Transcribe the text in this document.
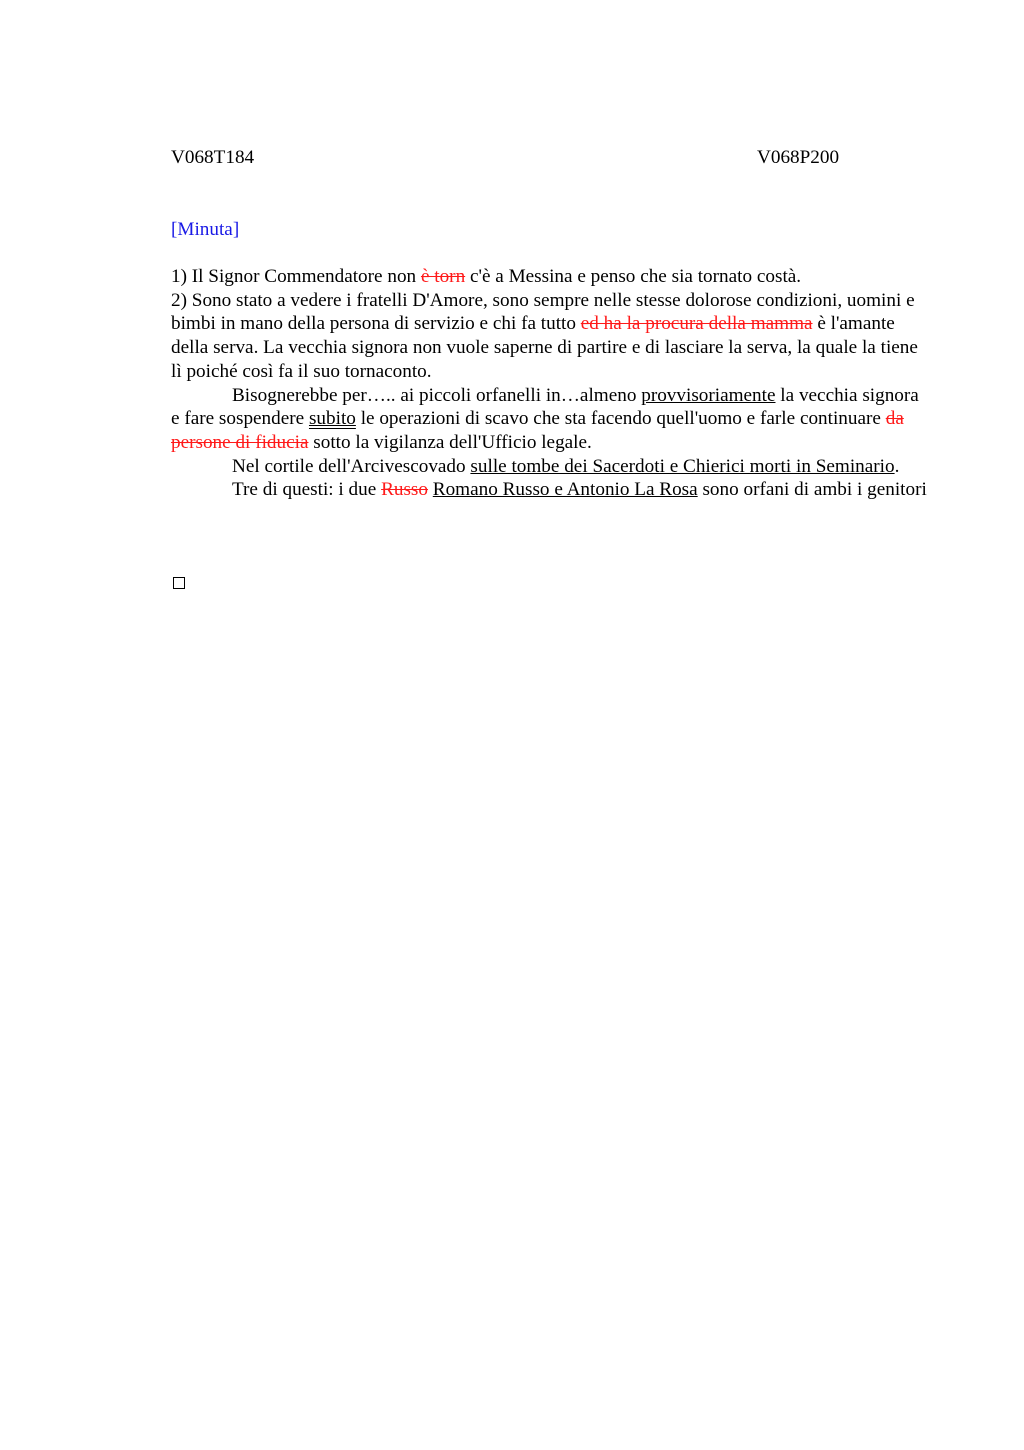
V068T184	V068P200
[Minuta]

1) Il Signor Commendatore non è torn c'è a Messina e penso che sia tornato costà.

2) Sono stato a vedere i fratelli D'Amore, sono sempre nelle stesse dolorose condizioni, uomini e bimbi in mano della persona di servizio e chi fa tutto ed ha la procura della mamma è l'amante della serva. La vecchia signora non vuole saperne di partire e di lasciare la serva, la quale la tiene lì poiché così fa il suo tornaconto.

Bisognerebbe per….. ai piccoli orfanelli in…almeno provvisoriamente la vecchia signora e fare sospendere subito le operazioni di scavo che sta facendo quell'uomo e farle continuare da persone di fiducia sotto la vigilanza dell'Ufficio legale.

Nel cortile dell'Arcivescovado sulle tombe dei Sacerdoti e Chierici morti in Seminario.

Tre di questi: i due Russo Romano Russo e Antonio La Rosa sono orfani di ambi i genitori
